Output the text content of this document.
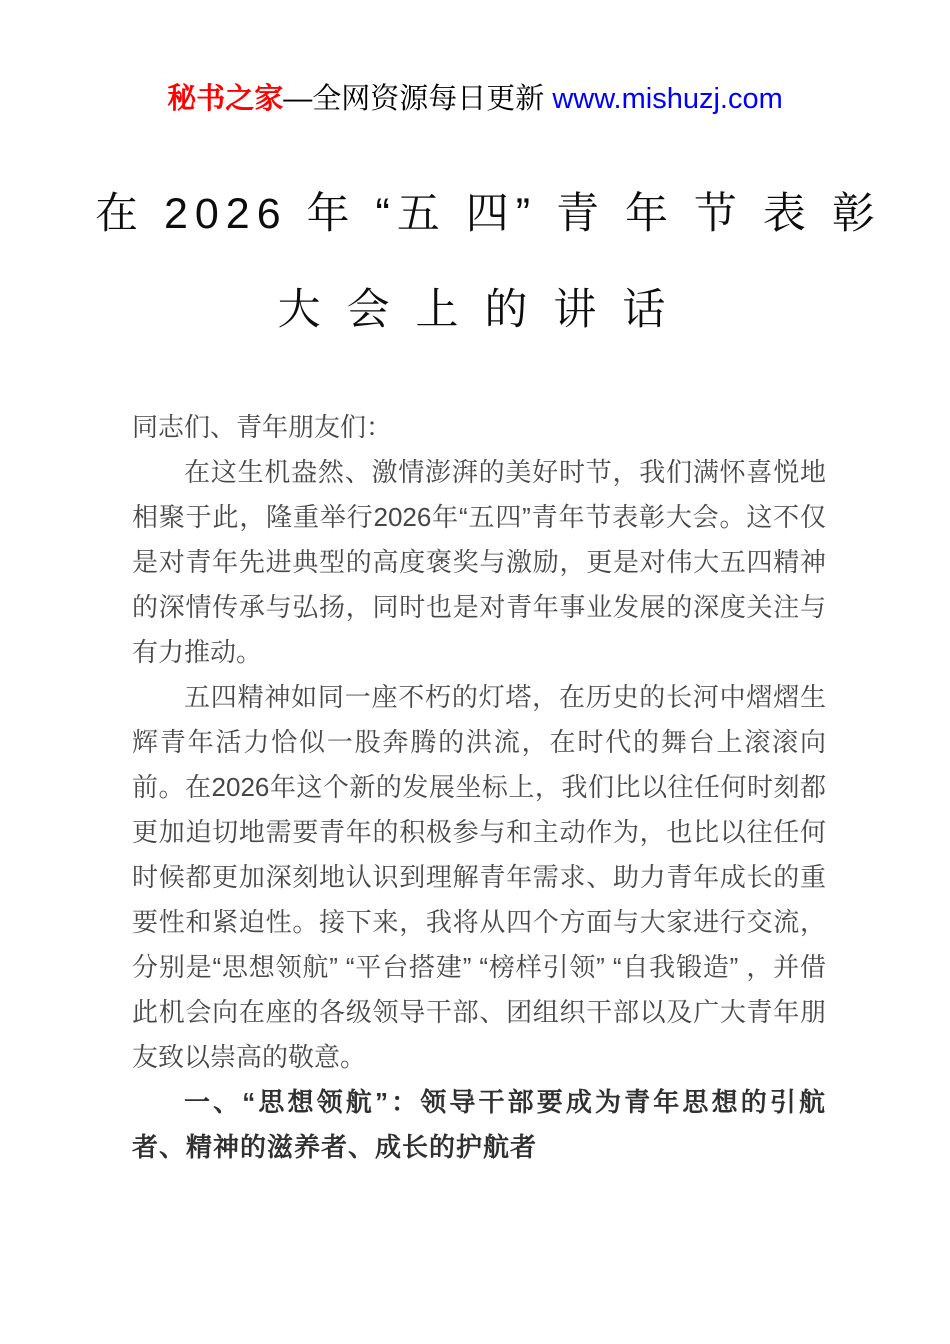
秘书之家—全网资源每日更新 www.mishuzj.com
在 2026 年 “五 四” 青 年 节 表 彰
大 会 上 的 讲 话

同志们、青年朋友们：

在这生机盎然、激情澎湃的美好时节，我们满怀喜悦地相聚于此，隆重举行2026年“五四”青年节表彰大会。这不仅是对青年先进典型的高度褒奖与激励，更是对伟大五四精神的深情传承与弘扬，同时也是对青年事业发展的深度关注与有力推动。

五四精神如同一座不朽的灯塔，在历史的长河中熠熠生辉青年活力恰似一股奔腾的洪流，在时代的舞台上滚滚向前。在2026年这个新的发展坐标上，我们比以往任何时刻都更加迫切地需要青年的积极参与和主动作为，也比以往任何时候都更加深刻地认识到理解青年需求、助力青年成长的重要性和紧迫性。接下来，我将从四个方面与大家进行交流，分别是“思想领航” “平台搭建” “榜样引领” “自我锻造” ，并借此机会向在座的各级领导干部、团组织干部以及广大青年朋友致以崇高的敬意。

一、“思想领航”：领导干部要成为青年思想的引航者、精神的滋养者、成长的护航者
